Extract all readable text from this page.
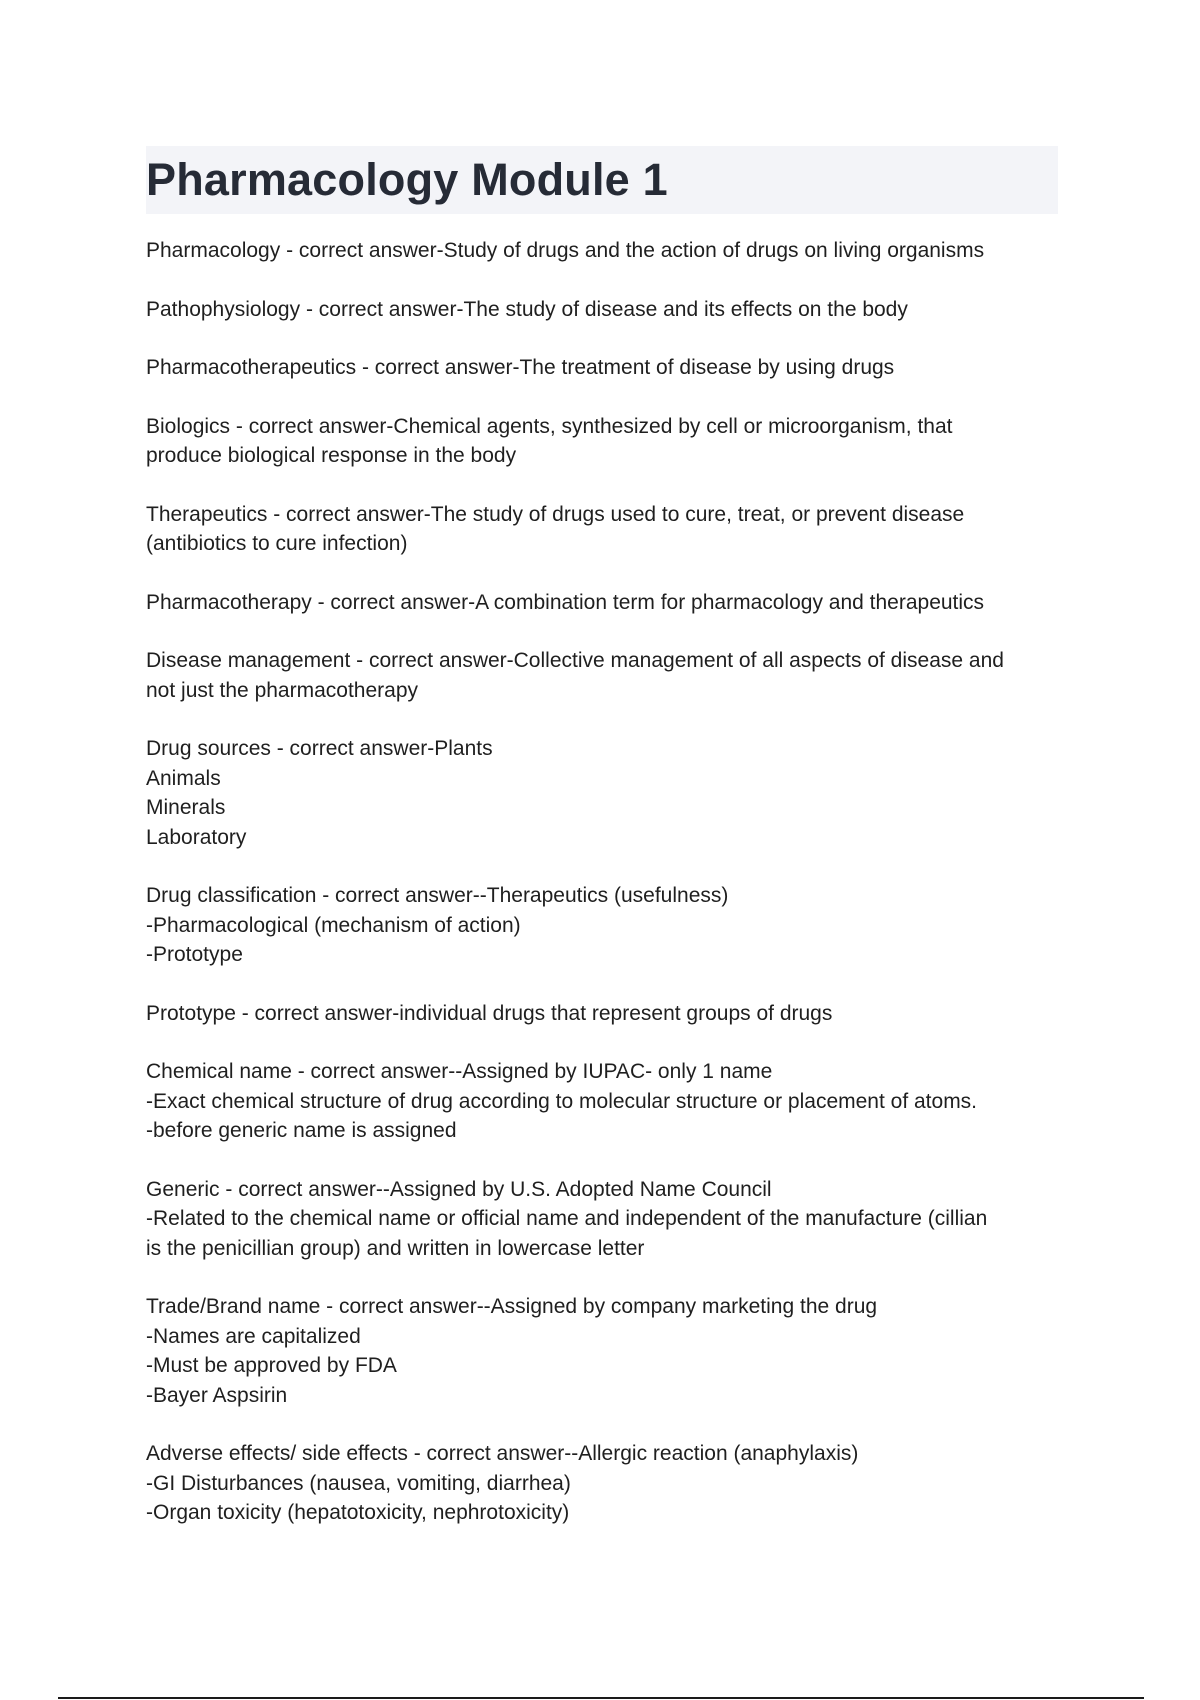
Pharmacology Module 1

Pharmacology - correct answer-Study of drugs and the action of drugs on living organisms

Pathophysiology - correct answer-The study of disease and its effects on the body

Pharmacotherapeutics - correct answer-The treatment of disease by using drugs

Biologics - correct answer-Chemical agents, synthesized by cell or microorganism, that
produce biological response in the body

Therapeutics - correct answer-The study of drugs used to cure, treat, or prevent disease
(antibiotics to cure infection)

Pharmacotherapy - correct answer-A combination term for pharmacology and therapeutics

Disease management - correct answer-Collective management of all aspects of disease and
not just the pharmacotherapy

Drug sources - correct answer-Plants
Animals
Minerals
Laboratory

Drug classification - correct answer--Therapeutics (usefulness)
-Pharmacological (mechanism of action)
-Prototype

Prototype - correct answer-individual drugs that represent groups of drugs

Chemical name - correct answer--Assigned by IUPAC- only 1 name
-Exact chemical structure of drug according to molecular structure or placement of atoms.
-before generic name is assigned

Generic - correct answer--Assigned by U.S. Adopted Name Council
-Related to the chemical name or official name and independent of the manufacture (cillian
is the penicillian group) and written in lowercase letter

Trade/Brand name - correct answer--Assigned by company marketing the drug
-Names are capitalized
-Must be approved by FDA
-Bayer Aspsirin

Adverse effects/ side effects - correct answer--Allergic reaction (anaphylaxis)
-GI Disturbances (nausea, vomiting, diarrhea)
-Organ toxicity (hepatotoxicity, nephrotoxicity)
